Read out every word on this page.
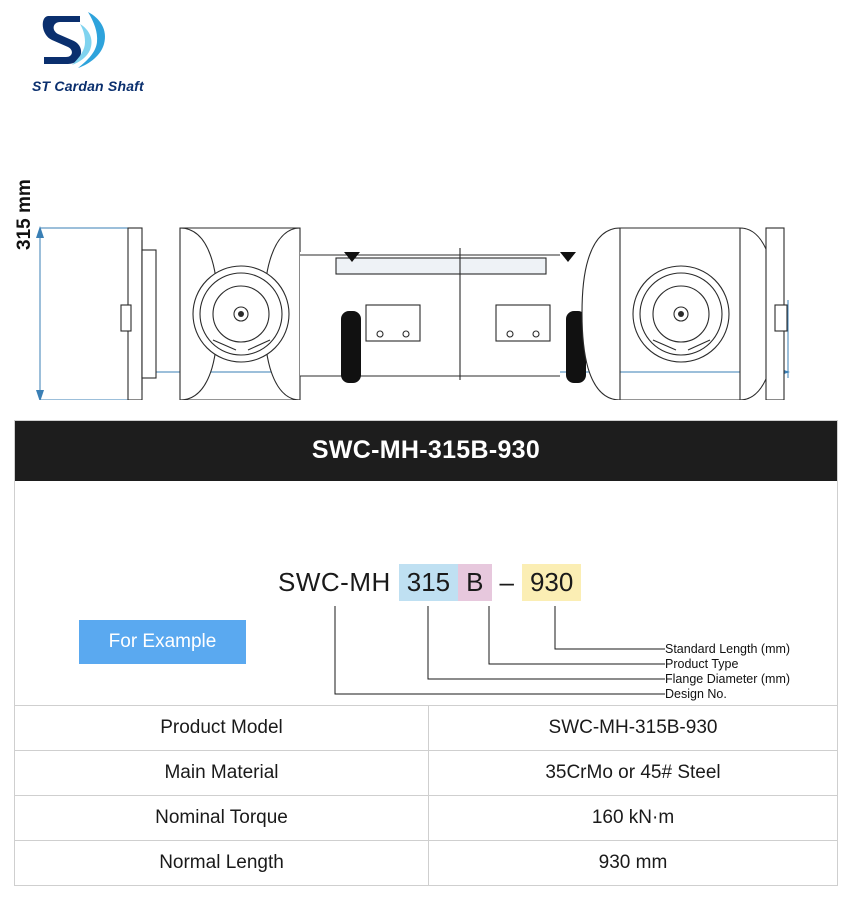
ST Cardan Shaft
315 mm
SWC-MH-315B-930
For Example
SWC-MH 315 B – 930
Standard Length (mm)
Product Type
Flange Diameter (mm)
Design No.
Product Model	SWC-MH-315B-930
Main Material	35CrMo or 45# Steel
Nominal Torque	160 kN·m
Normal Length	930 mm
